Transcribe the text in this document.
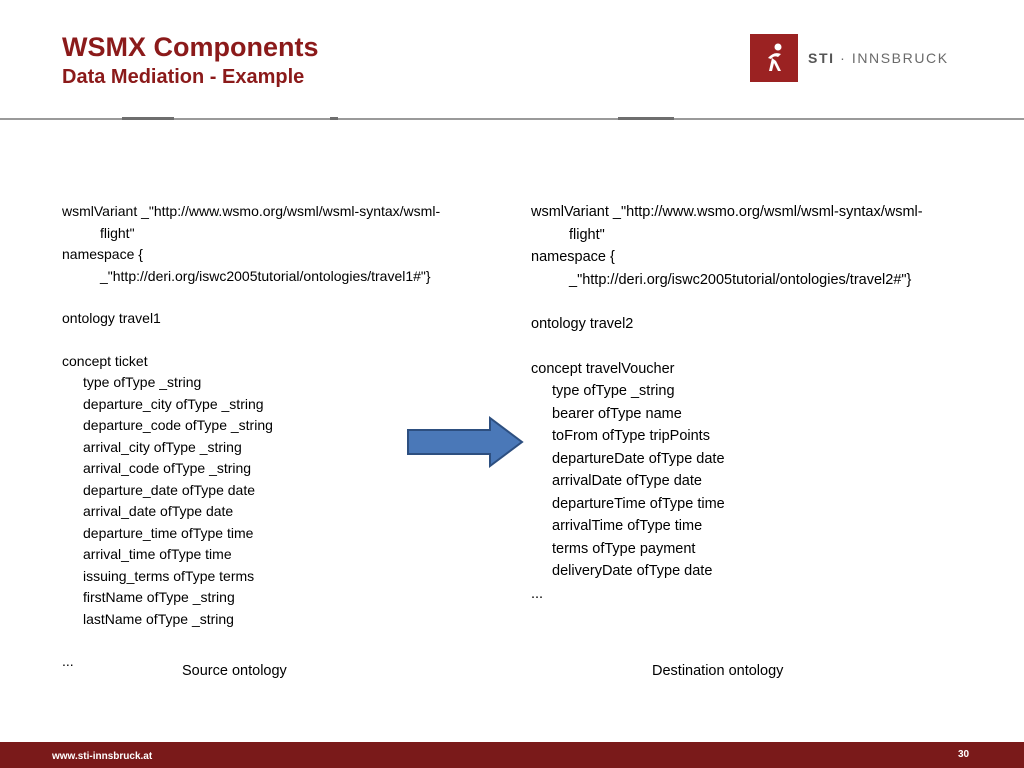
WSMX Components
Data Mediation - Example
STI · INNSBRUCK
wsmlVariant _"http://www.wsmo.org/wsml/wsml-syntax/wsml-
flight"
namespace {
_"http://deri.org/iswc2005tutorial/ontologies/travel1#"}
ontology travel1
concept ticket
type ofType _string
departure_city ofType _string
departure_code ofType _string
arrival_city ofType _string
arrival_code ofType _string
departure_date ofType date
arrival_date ofType date
departure_time ofType time
arrival_time ofType time
issuing_terms ofType terms
firstName ofType _string
lastName ofType _string
...
wsmlVariant _"http://www.wsmo.org/wsml/wsml-syntax/wsml-
flight"
namespace {
_"http://deri.org/iswc2005tutorial/ontologies/travel2#"}
ontology travel2
concept travelVoucher
type ofType _string
bearer ofType name
toFrom ofType tripPoints
departureDate ofType date
arrivalDate ofType date
departureTime ofType time
arrivalTime ofType time
terms ofType payment
deliveryDate ofType date
...
Source ontology	Destination ontology
www.sti-innsbruck.at	30
